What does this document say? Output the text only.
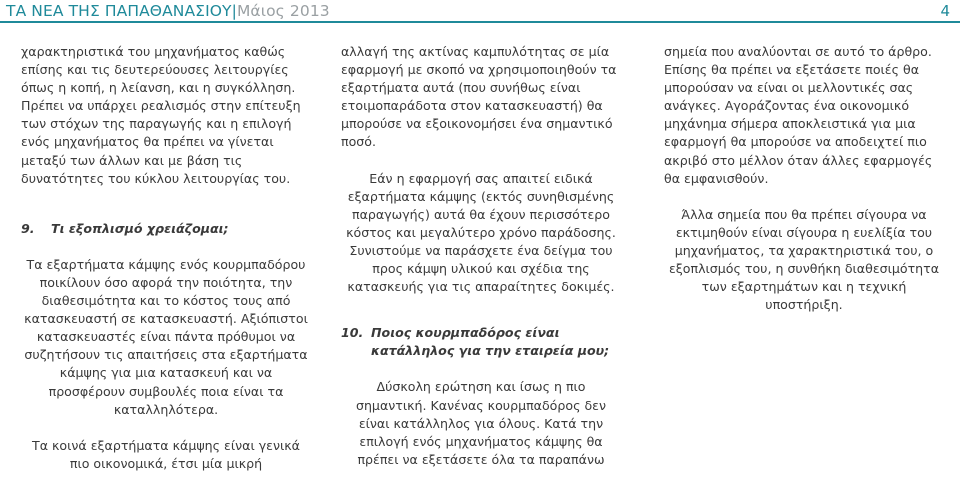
ΤΑ ΝΕΑ ΤΗΣ ΠΑΠΑΘΑΝΑΣΙΟΥ|Μάιος 2013	4

χαρακτηριστικά του μηχανήματος καθώς επίσης και τις δευτερεύουσες λειτουργίες όπως η κοπή, η λείανση, και η συγκόλληση. Πρέπει να υπάρχει ρεαλισμός στην επίτευξη των στόχων της παραγωγής και η επιλογή ενός μηχανήματος θα πρέπει να γίνεται μεταξύ των άλλων και με βάση τις δυνατότητες του κύκλου λειτουργίας του.

9.	Τι εξοπλισμό χρειάζομαι;

Τα εξαρτήματα κάμψης ενός κουρμπαδόρου ποικίλουν όσο αφορά την ποιότητα, την διαθεσιμότητα και το κόστος τους από κατασκευαστή σε κατασκευαστή. Αξιόπιστοι κατασκευαστές είναι πάντα πρόθυμοι να συζητήσουν τις απαιτήσεις στα εξαρτήματα κάμψης για μια κατασκευή και να προσφέρουν συμβουλές ποια είναι τα καταλληλότερα.

Τα κοινά εξαρτήματα κάμψης είναι γενικά πιο οικονομικά, έτσι μία μικρή

αλλαγή της ακτίνας καμπυλότητας σε μία εφαρμογή με σκοπό να χρησιμοποιηθούν τα εξαρτήματα αυτά (που συνήθως είναι ετοιμοπαράδοτα στον κατασκευαστή) θα μπορούσε να εξοικονομήσει ένα σημαντικό ποσό.

Εάν η εφαρμογή σας απαιτεί ειδικά εξαρτήματα κάμψης (εκτός συνηθισμένης παραγωγής) αυτά θα έχουν περισσότερο κόστος και μεγαλύτερο χρόνο παράδοσης. Συνιστούμε να παράσχετε ένα δείγμα του προς κάμψη υλικού και σχέδια της κατασκευής για τις απαραίτητες δοκιμές.

10. Ποιος κουρμπαδόρος είναι κατάλληλος για την εταιρεία μου;

Δύσκολη ερώτηση και ίσως η πιο σημαντική. Κανένας κουρμπαδόρος δεν είναι κατάλληλος για όλους. Κατά την επιλογή ενός μηχανήματος κάμψης θα πρέπει να εξετάσετε όλα τα παραπάνω

σημεία που αναλύονται σε αυτό το άρθρο. Επίσης θα πρέπει να εξετάσετε ποιές θα μπορούσαν να είναι οι μελλοντικές σας ανάγκες. Αγοράζοντας ένα οικονομικό μηχάνημα σήμερα αποκλειστικά για μια εφαρμογή θα μπορούσε να αποδειχτεί πιο ακριβό στο μέλλον όταν άλλες εφαρμογές θα εμφανισθούν.

Άλλα σημεία που θα πρέπει σίγουρα να εκτιμηθούν είναι σίγουρα η ευελίξία του μηχανήματος, τα χαρακτηριστικά του, ο εξοπλισμός του, η συνθήκη διαθεσιμότητα των εξαρτημάτων και η τεχνική υποστήριξη.
